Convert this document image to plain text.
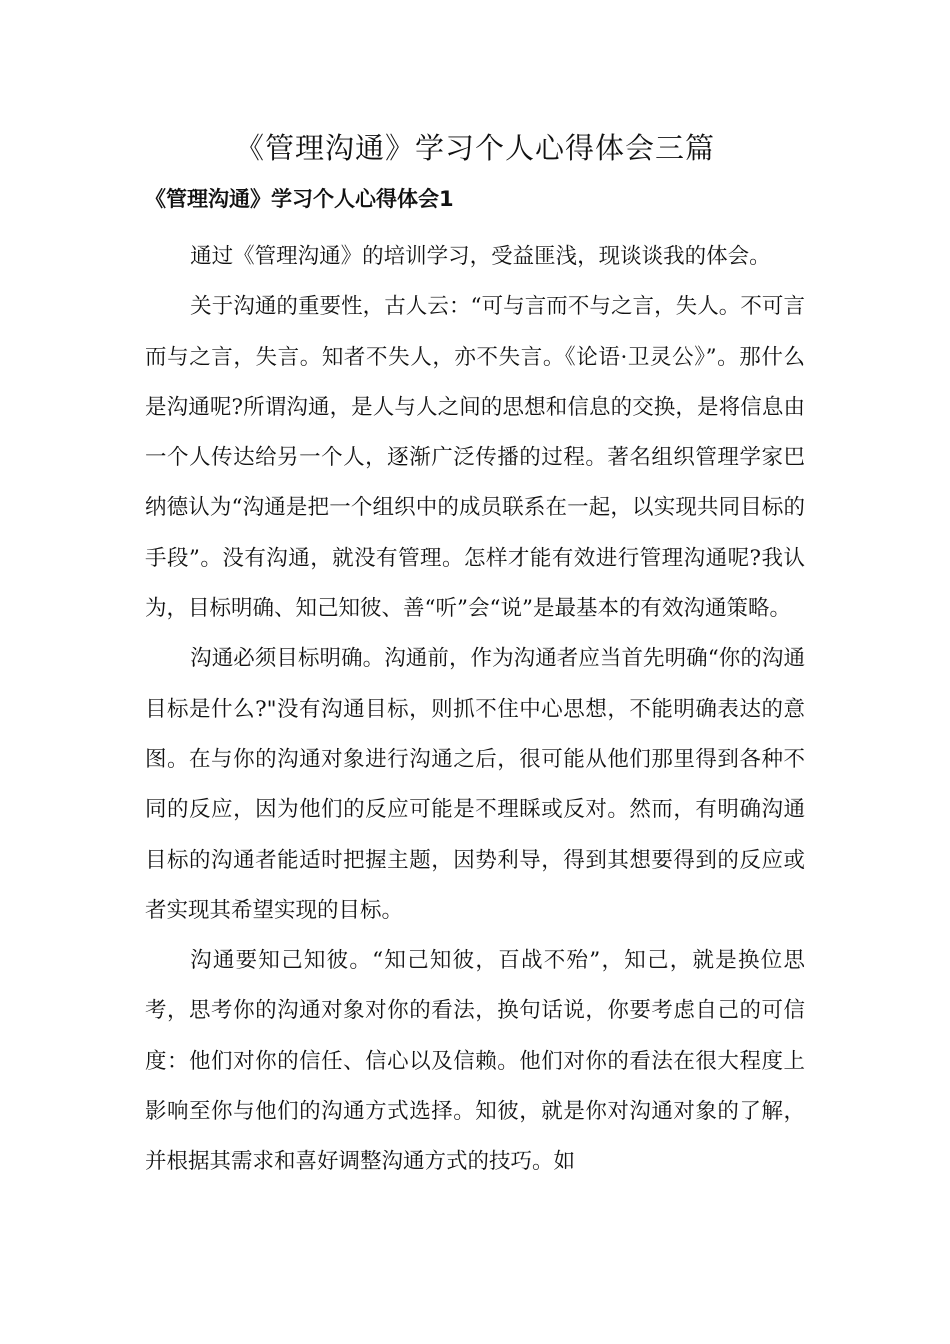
《管理沟通》学习个人心得体会三篇
《管理沟通》学习个人心得体会1

通过《管理沟通》的培训学习，受益匪浅，现谈谈我的体会。

关于沟通的重要性，古人云：“可与言而不与之言，失人。不可言而与之言，失言。知者不失人，亦不失言。《论语·卫灵公》”。那什么是沟通呢?所谓沟通，是人与人之间的思想和信息的交换，是将信息由一个人传达给另一个人，逐渐广泛传播的过程。著名组织管理学家巴纳德认为“沟通是把一个组织中的成员联系在一起，以实现共同目标的手段”。没有沟通，就没有管理。怎样才能有效进行管理沟通呢?我认为，目标明确、知己知彼、善“听”会“说”是最基本的有效沟通策略。

沟通必须目标明确。沟通前，作为沟通者应当首先明确“你的沟通目标是什么?"没有沟通目标，则抓不住中心思想，不能明确表达的意图。在与你的沟通对象进行沟通之后，很可能从他们那里得到各种不同的反应，因为他们的反应可能是不理睬或反对。然而，有明确沟通目标的沟通者能适时把握主题，因势利导，得到其想要得到的反应或者实现其希望实现的目标。

沟通要知己知彼。“知己知彼，百战不殆”，知己，就是换位思考，思考你的沟通对象对你的看法，换句话说，你要考虑自己的可信度：他们对你的信任、信心以及信赖。他们对你的看法在很大程度上影响至你与他们的沟通方式选择。知彼，就是你对沟通对象的了解，并根据其需求和喜好调整沟通方式的技巧。如
